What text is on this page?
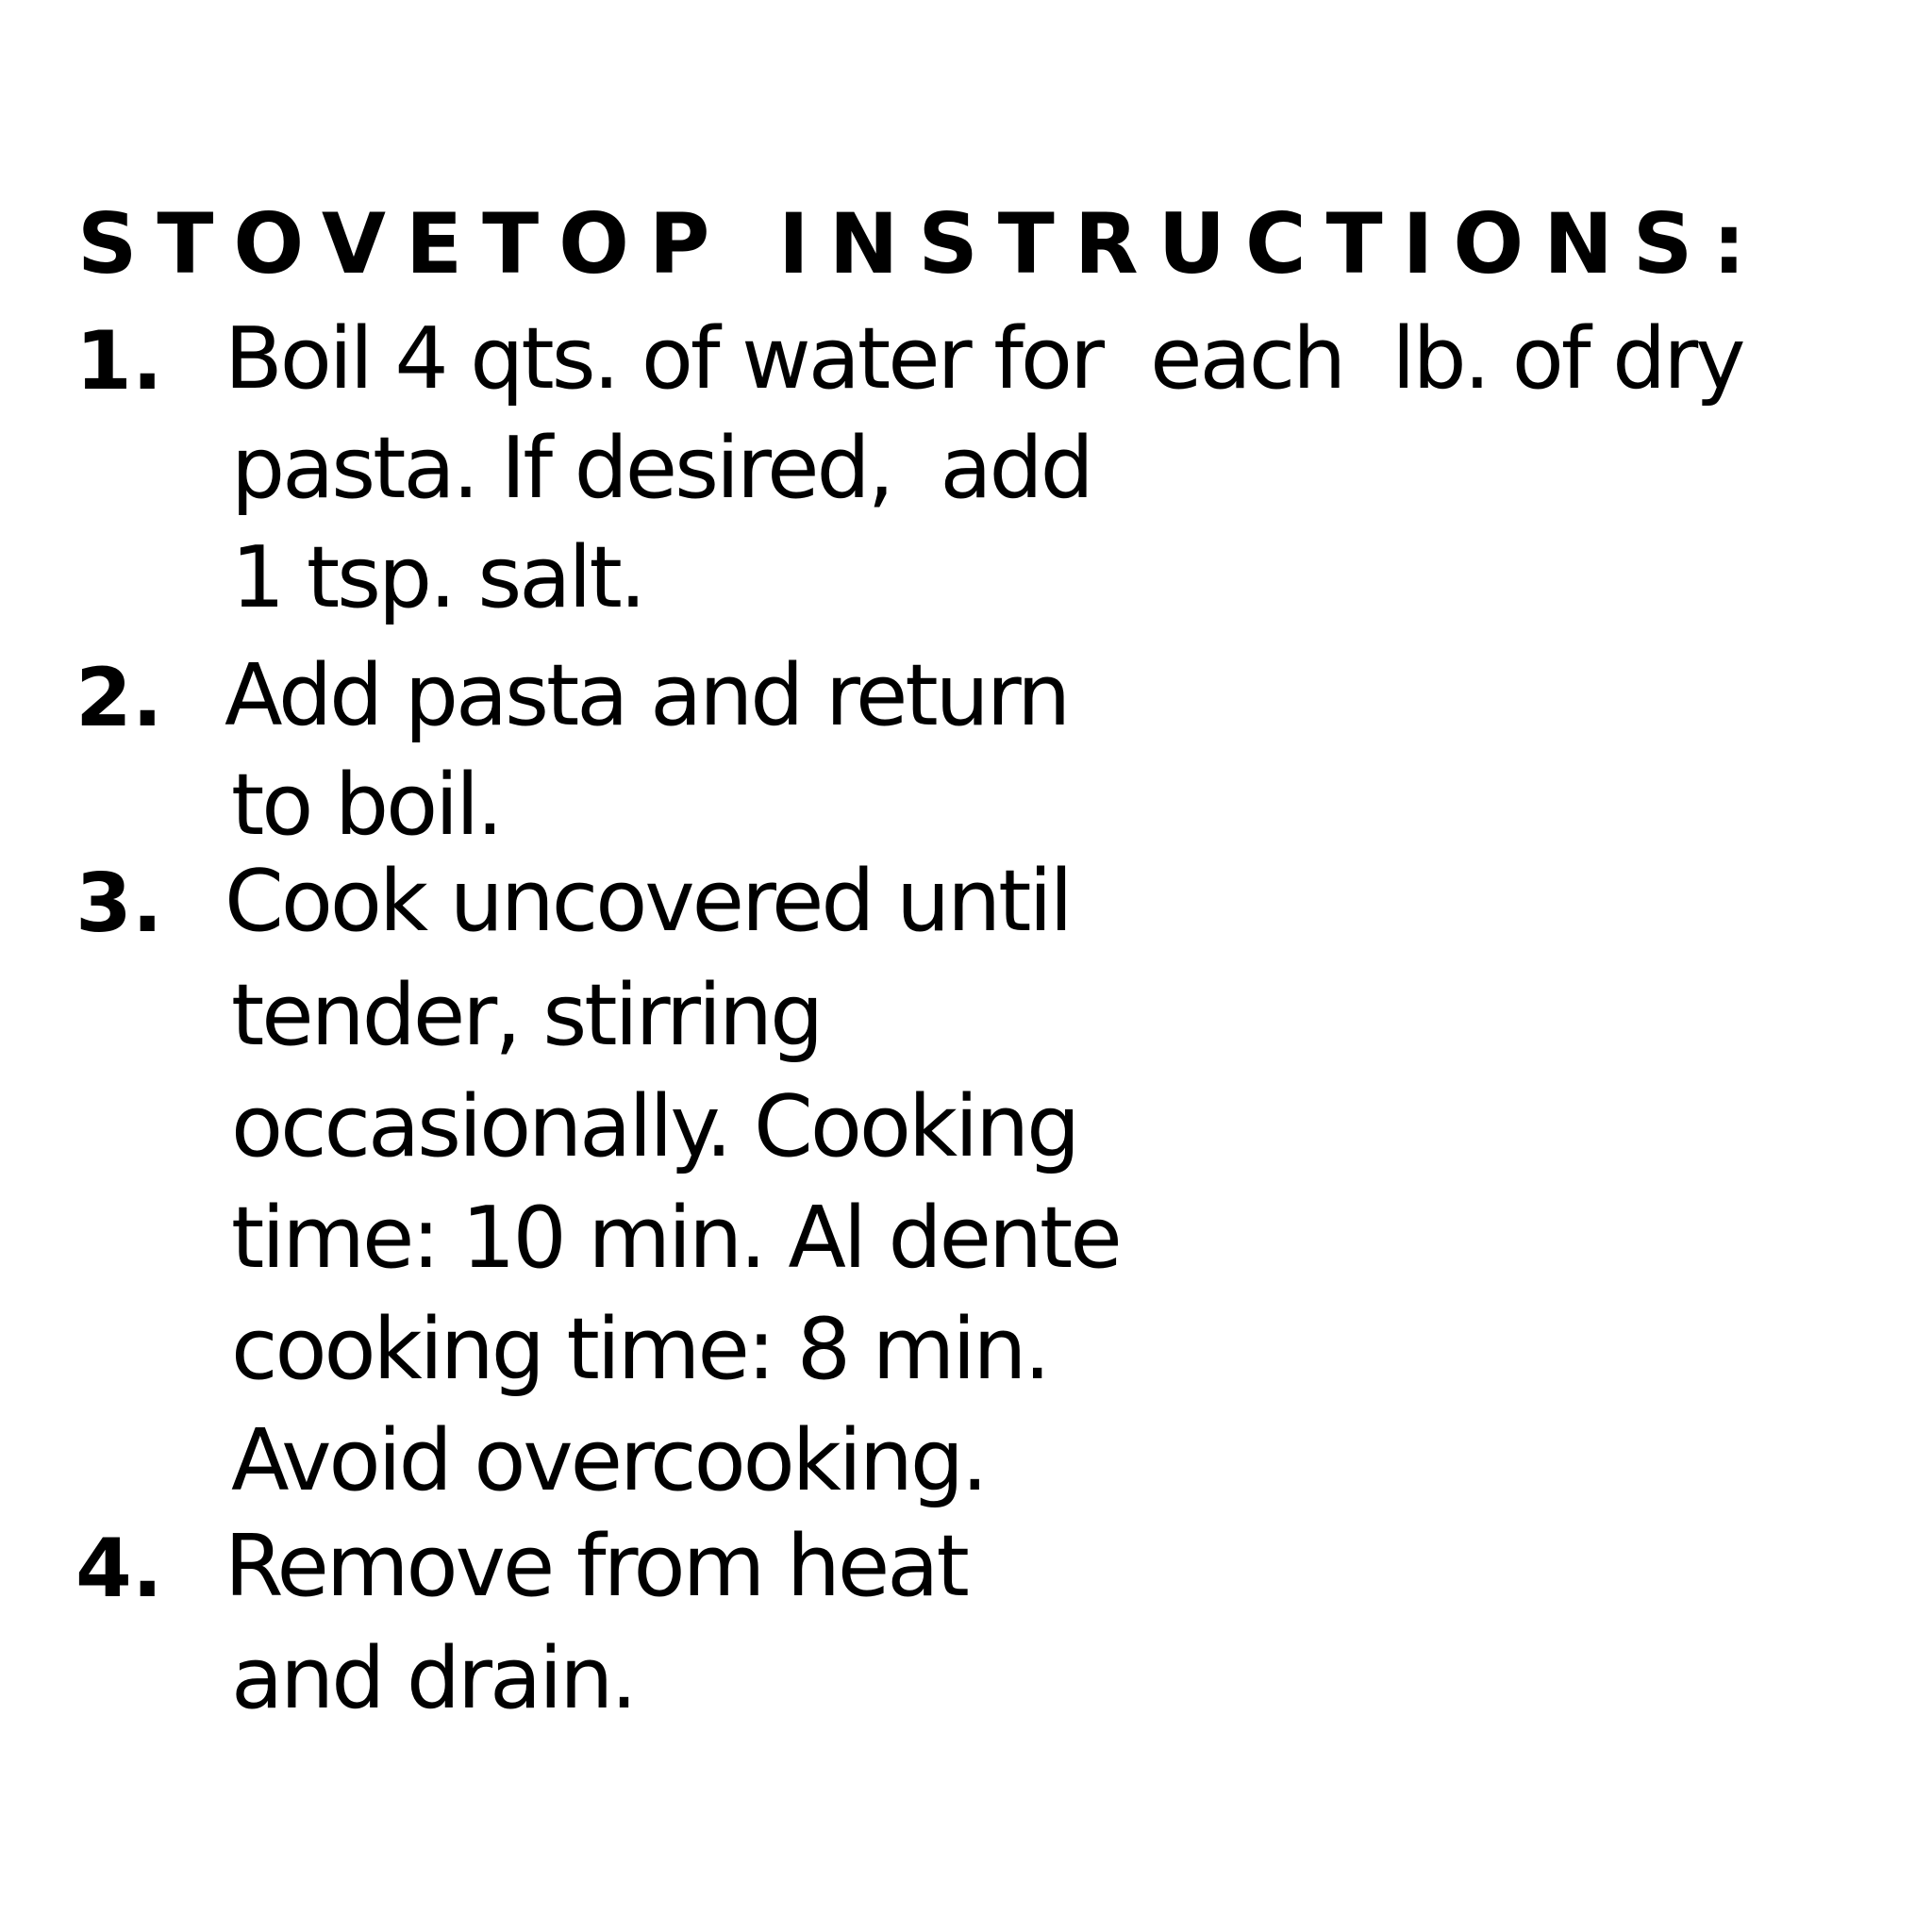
STOVETOP INSTRUCTIONS:
1. Boil 4 qts. of water for  each  lb. of dry
pasta. If desired,  add
1 tsp. salt.
2. Add pasta and return
to boil.
3. Cook uncovered until
tender, stirring
occasionally. Cooking
time: 10 min. Al dente
cooking time: 8 min.
Avoid overcooking.
4. Remove from heat
and drain.
